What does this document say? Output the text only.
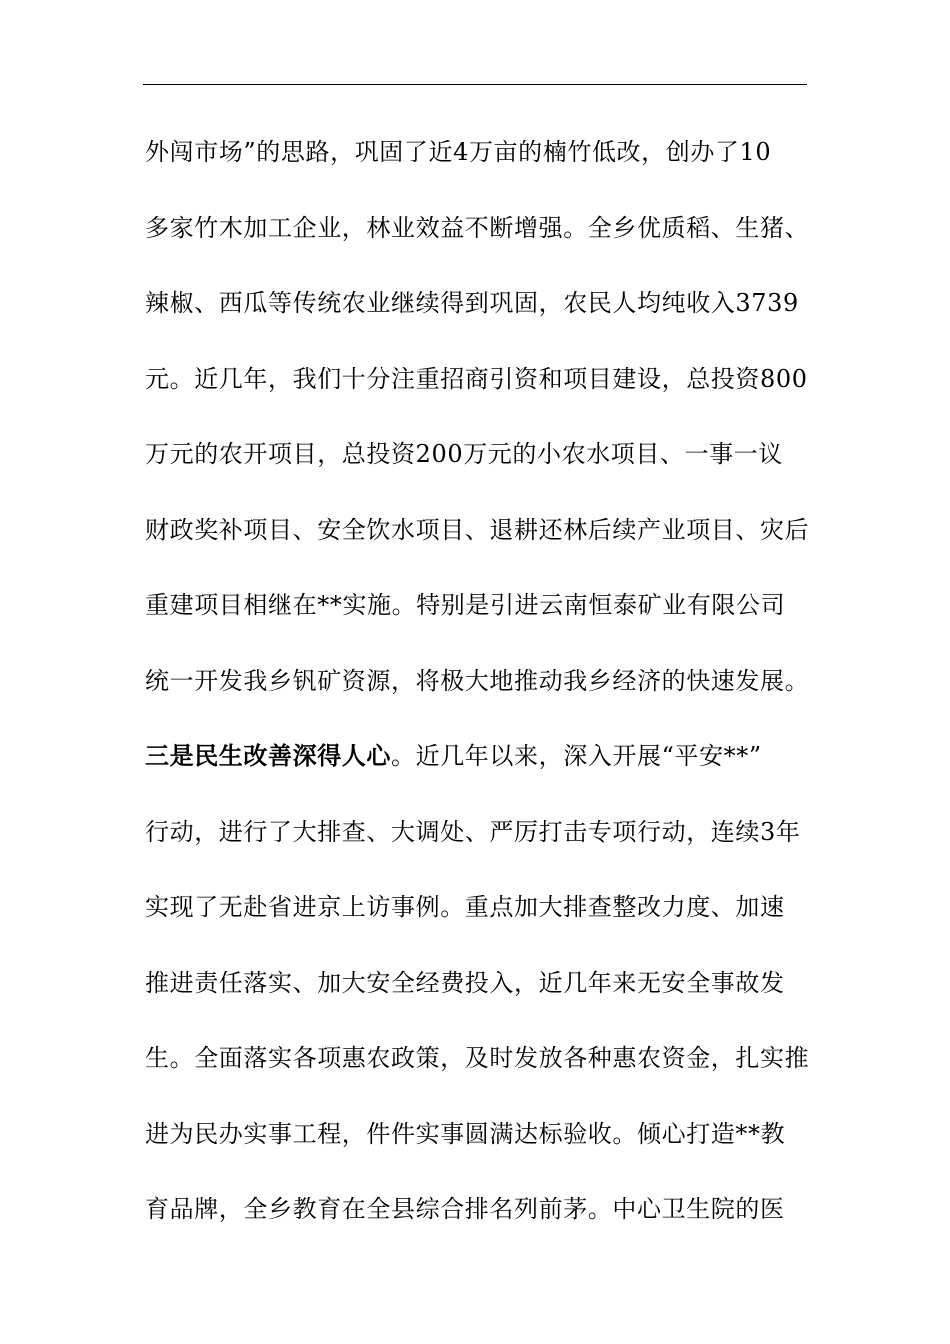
外闯市场”的思路，巩固了近4万亩的楠竹低改，创办了10
多家竹木加工企业，林业效益不断增强。全乡优质稻、生猪、
辣椒、西瓜等传统农业继续得到巩固，农民人均纯收入3739
元。近几年，我们十分注重招商引资和项目建设，总投资800
万元的农开项目，总投资200万元的小农水项目、一事一议
财政奖补项目、安全饮水项目、退耕还林后续产业项目、灾后
重建项目相继在**实施。特别是引进云南恒泰矿业有限公司
统一开发我乡钒矿资源，将极大地推动我乡经济的快速发展。
三是民生改善深得人心。近几年以来，深入开展“平安**”
行动，进行了大排查、大调处、严厉打击专项行动，连续3年
实现了无赴省进京上访事例。重点加大排查整改力度、加速
推进责任落实、加大安全经费投入，近几年来无安全事故发
生。全面落实各项惠农政策，及时发放各种惠农资金，扎实推
进为民办实事工程，件件实事圆满达标验收。倾心打造**教
育品牌，全乡教育在全县综合排名列前茅。中心卫生院的医
